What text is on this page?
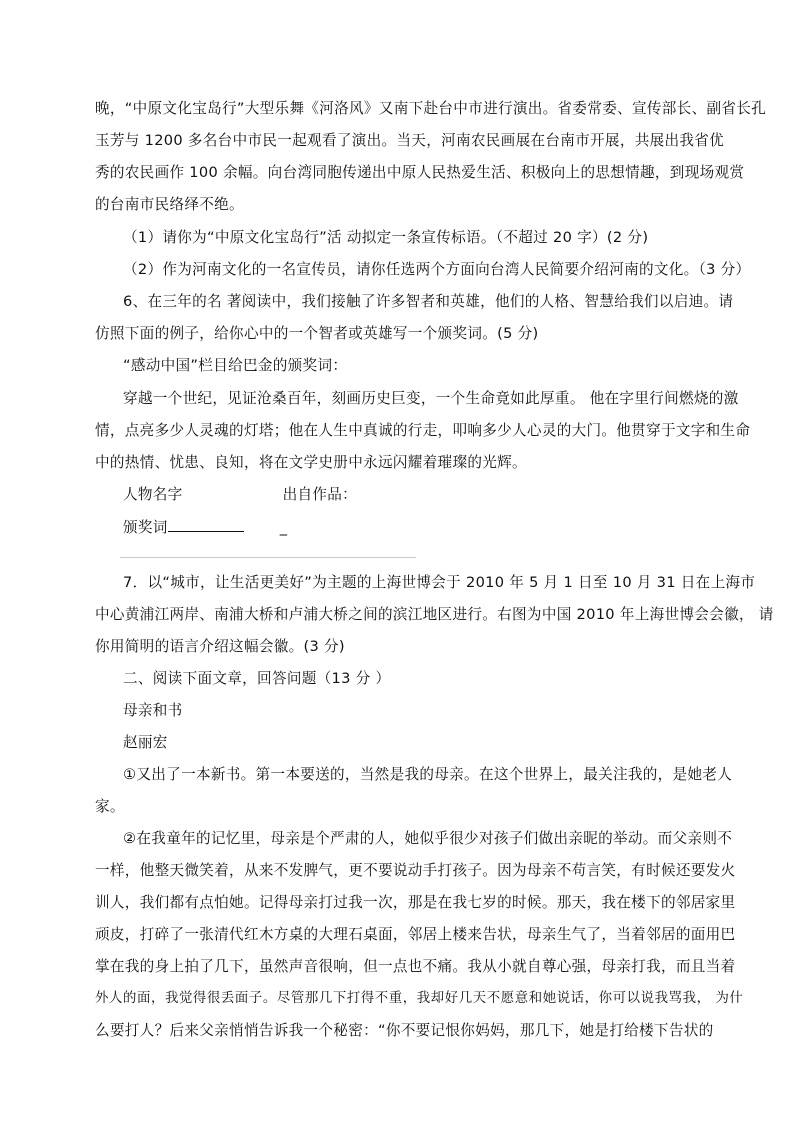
晚，“中原文化宝岛行”大型乐舞《河洛风》又南下赴台中市进行演出。省委常委、宣传部长、副省长孔
玉芳与 1200 多名台中市民一起观看了演出。当天，河南农民画展在台南市开展，共展出我省优
秀的农民画作 100 余幅。向台湾同胞传递出中原人民热爱生活、积极向上的思想情趣，到现场观赏
的台南市民络绎不绝。
（1）请你为“中原文化宝岛行”活 动拟定一条宣传标语。（不超过 20 字）(2 分)
（2）作为河南文化的一名宣传员，请你任选两个方面向台湾人民简要介绍河南的文化。（3 分）
6、在三年的名 著阅读中，我们接触了许多智者和英雄，他们的人格、智慧给我们以启迪。请
仿照下面的例子，给你心中的一个智者或英雄写一个颁奖词。(5 分)
“感动中国”栏目给巴金的颁奖词：
穿越一个世纪，见证沧桑百年，刻画历史巨变，一个生命竟如此厚重。 他在字里行间燃烧的激
情，点亮多少人灵魂的灯塔；他在人生中真诚的行走，叩响多少人心灵的大门。他贯穿于文字和生命
中的热情、忧患、良知，将在文学史册中永远闪耀着璀璨的光辉。
人物名字	出自作品：
颁奖词	_
7．以“城市，让生活更美好”为主题的上海世博会于 2010 年 5 月 1 日至 10 月 31 日在上海市
中心黄浦江两岸、南浦大桥和卢浦大桥之间的滨江地区进行。右图为中国 2010 年上海世博会会徽， 请
你用简明的语言介绍这幅会徽。(3 分)
二、阅读下面文章，回答问题（13 分 ）
母亲和书
赵丽宏
①又出了一本新书。第一本要送的，当然是我的母亲。在这个世界上，最关注我的，是她老人
家。
②在我童年的记忆里，母亲是个严肃的人，她似乎很少对孩子们做出亲昵的举动。而父亲则不
一样，他整天微笑着，从来不发脾气，更不要说动手打孩子。因为母亲不苟言笑，有时候还要发火
训人，我们都有点怕她。记得母亲打过我一次，那是在我七岁的时候。那天，我在楼下的邻居家里
顽皮，打碎了一张清代红木方桌的大理石桌面，邻居上楼来告状，母亲生气了，当着邻居的面用巴
掌在我的身上拍了几下，虽然声音很响，但一点也不痛。我从小就自尊心强，母亲打我，而且当着
外人的面，我觉得很丢面子。尽管那几下打得不重，我却好几天不愿意和她说话，你可以说我骂我， 为什
么要打人？后来父亲悄悄告诉我一个秘密：“你不要记恨你妈妈，那几下，她是打给楼下告状的
